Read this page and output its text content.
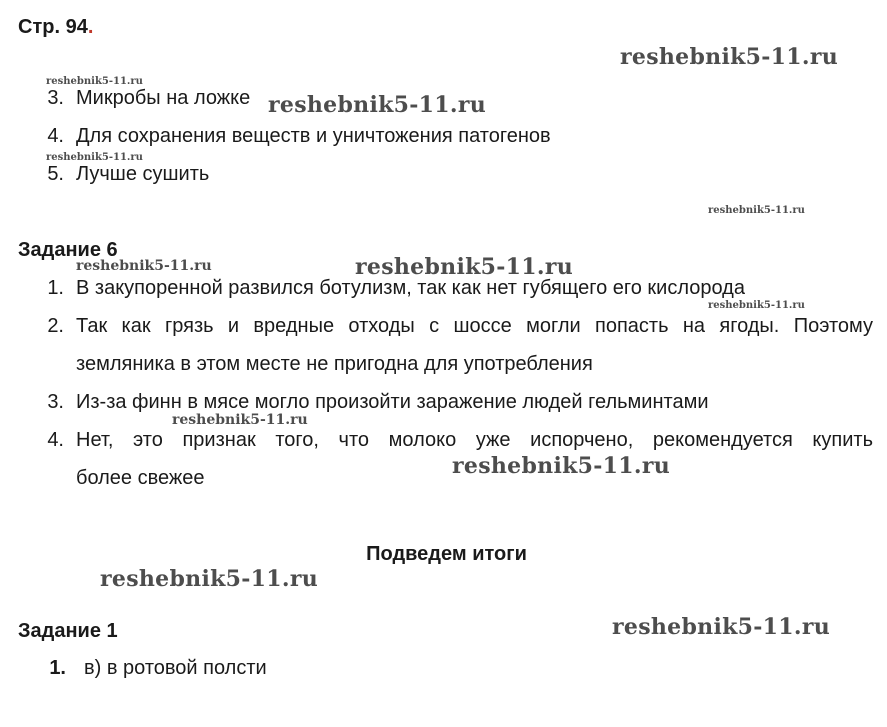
Стр. 94.
3. Микробы на ложке
4. Для сохранения веществ и уничтожения патогенов
5. Лучше сушить
Задание 6
1. В закупоренной развился ботулизм, так как нет губящего его кислорода
2. Так как грязь и вредные отходы с шоссе могли попасть на ягоды. Поэтому
земляника в этом месте не пригодна для употребления
3. Из-за финн в мясе могло произойти заражение людей гельминтами
4. Нет, это признак того, что молоко уже испорчено, рекомендуется купить
более свежее
Подведем итоги
Задание 1
1. в) в ротовой полсти
reshebnik5-11.ru
reshebnik5-11.ru
reshebnik5-11.ru
reshebnik5-11.ru
reshebnik5-11.ru
reshebnik5-11.ru	reshebnik5-11.ru
reshebnik5-11.ru
reshebnik5-11.ru
reshebnik5-11.ru
reshebnik5-11.ru
reshebnik5-11.ru
